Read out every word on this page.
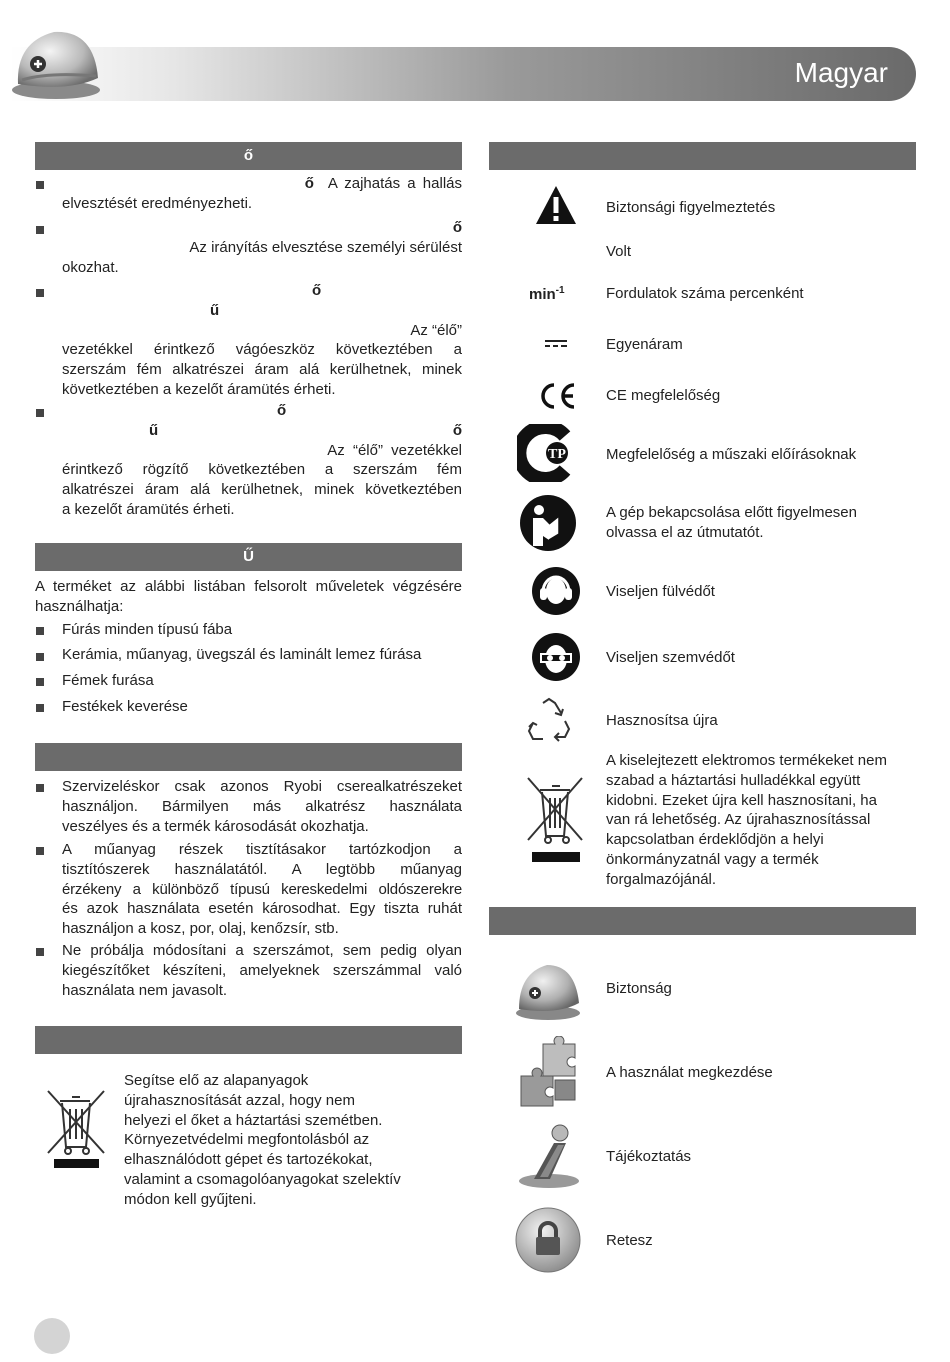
Magyar
ő
ő A zajhatás a hallás
elvesztését eredményezheti.
ő
Az irányítás elvesztése személyi sérülést
okozhat.
ő
ű
Az “élő”
vezetékkel érintkező vágóeszköz következtében a
szerszám fém alkatrészei áram alá kerülhetnek, minek
következtében a kezelőt áramütés érheti.
ő
ű	ő
Az “élő” vezetékkel
érintkező rögzítő következtében a szerszám fém
alkatrészei áram alá kerülhetnek, minek következtében
a kezelőt áramütés érheti.
Ű
A terméket az alábbi listában felsorolt műveletek végzésére
használhatja:
Fúrás minden típusú fába
Kerámia, műanyag, üvegszál és laminált lemez fúrása
Fémek furása
Festékek keverése
Szervizeléskor csak azonos Ryobi cserealkatrészeket
használjon. Bármilyen más alkatrész használata
veszélyes és a termék károsodását okozhatja.
A műanyag részek tisztításakor tartózkodjon a
tisztítószerek használatától. A legtöbb műanyag
érzékeny a különböző típusú kereskedelmi oldószerekre
és azok használata esetén károsodhat. Egy tiszta ruhát
használjon a kosz, por, olaj, kenőzsír, stb.
Ne próbálja módosítani a szerszámot, sem pedig olyan
kiegészítőket készíteni, amelyeknek szerszámmal való
használata nem javasolt.
Segítse elő az alapanyagok
újrahasznosítását azzal, hogy nem
helyezi el őket a háztartási szemétben.
Környezetvédelmi megfontolásból az
elhasználódott gépet és tartozékokat,
valamint a csomagolóanyagokat szelektív
módon kell gyűjteni.
Biztonsági figyelmeztetés
Volt
$\min^{-1}$	Fordulatok száma percenként
Egyenáram
CE megfelelőség
TP	Megfelelőség a műszaki előírásoknak
A gép bekapcsolása előtt figyelmesen
olvassa el az útmutatót.
Viseljen fülvédőt
Viseljen szemvédőt
Hasznosítsa újra
A kiselejtezett elektromos termékeket nem
szabad a háztartási hulladékkal együtt
kidobni. Ezeket újra kell hasznosítani, ha
van rá lehetőség. Az újrahasznosítással
kapcsolatban érdeklődjön a helyi
önkormányzatnál vagy a termék
forgalmazójánál.
Biztonság
A használat megkezdése
Tájékoztatás
Retesz
